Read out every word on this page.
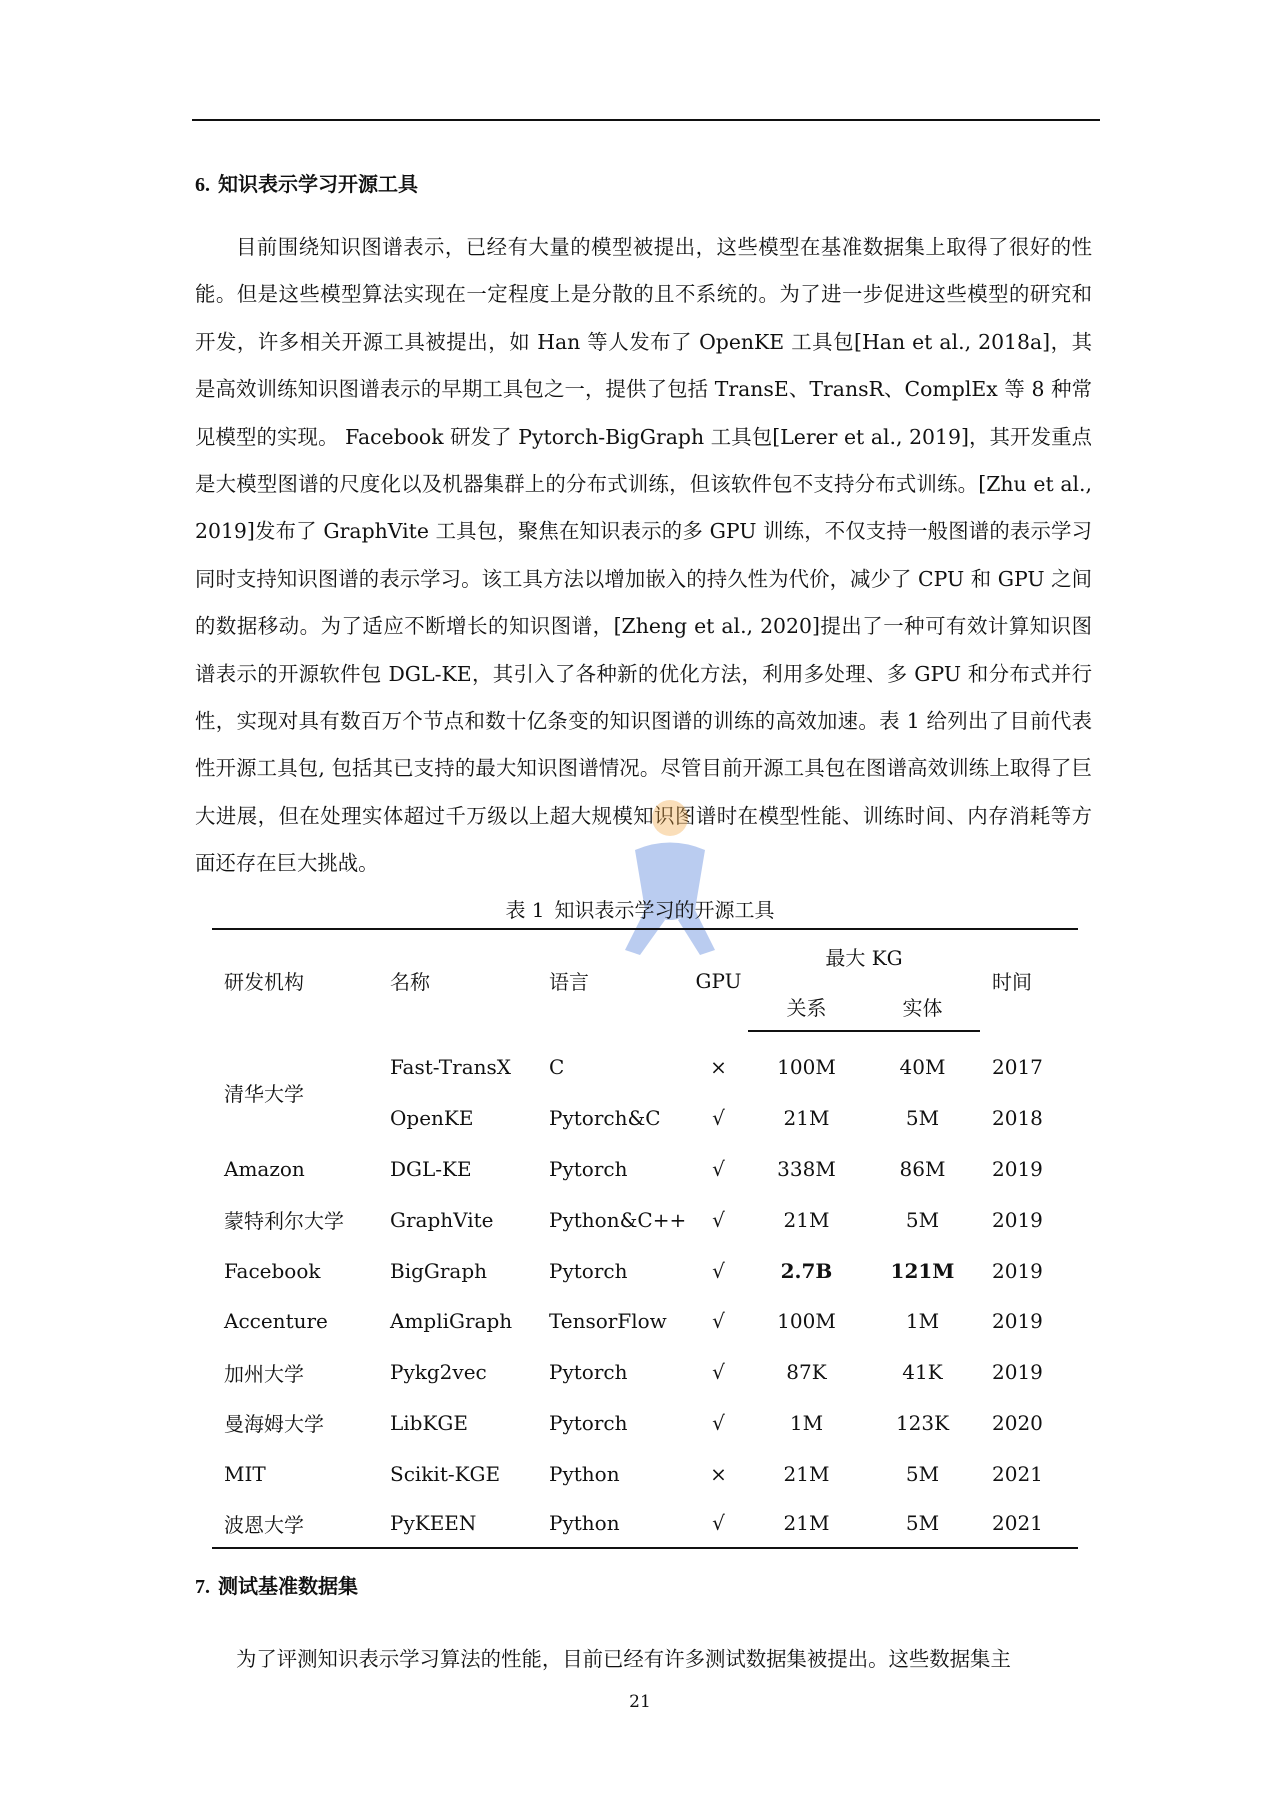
6. 知识表示学习开源工具

目前围绕知识图谱表示，已经有大量的模型被提出，这些模型在基准数据集上取得了很好的性能。但是这些模型算法实现在一定程度上是分散的且不系统的。为了进一步促进这些模型的研究和开发，许多相关开源工具被提出，如 Han 等人发布了 OpenKE 工具包[Han et al., 2018a]，其是高效训练知识图谱表示的早期工具包之一，提供了包括 TransE、TransR、ComplEx 等 8 种常见模型的实现。 Facebook 研发了 Pytorch-BigGraph 工具包[Lerer et al., 2019]，其开发重点是大模型图谱的尺度化以及机器集群上的分布式训练，但该软件包不支持分布式训练。[Zhu et al., 2019]发布了 GraphVite 工具包，聚焦在知识表示的多 GPU 训练，不仅支持一般图谱的表示学习同时支持知识图谱的表示学习。该工具方法以增加嵌入的持久性为代价，减少了 CPU 和 GPU 之间的数据移动。为了适应不断增长的知识图谱，[Zheng et al., 2020]提出了一种可有效计算知识图谱表示的开源软件包 DGL-KE，其引入了各种新的优化方法，利用多处理、多 GPU 和分布式并行性，实现对具有数百万个节点和数十亿条变的知识图谱的训练的高效加速。表 1 给列出了目前代表性开源工具包, 包括其已支持的最大知识图谱情况。尽管目前开源工具包在图谱高效训练上取得了巨大进展，但在处理实体超过千万级以上超大规模知识图谱时在模型性能、训练时间、内存消耗等方面还存在巨大挑战。

表 1 知识表示学习的开源工具

研发机构	名称	语言	GPU	最大 KG		时间
				关系	实体	
清华大学	Fast-TransX	C	×	100M	40M	2017
	OpenKE	Pytorch&C	√	21M	5M	2018
Amazon	DGL-KE	Pytorch	√	338M	86M	2019
蒙特利尔大学	GraphVite	Python&C++	√	21M	5M	2019
Facebook	BigGraph	Pytorch	√	2.7B	121M	2019
Accenture	AmpliGraph	TensorFlow	√	100M	1M	2019
加州大学	Pykg2vec	Pytorch	√	87K	41K	2019
曼海姆大学	LibKGE	Pytorch	√	1M	123K	2020
MIT	Scikit-KGE	Python	×	21M	5M	2021
波恩大学	PyKEEN	Python	√	21M	5M	2021
7. 测试基准数据集

为了评测知识表示学习算法的性能，目前已经有许多测试数据集被提出。这些数据集主

21
